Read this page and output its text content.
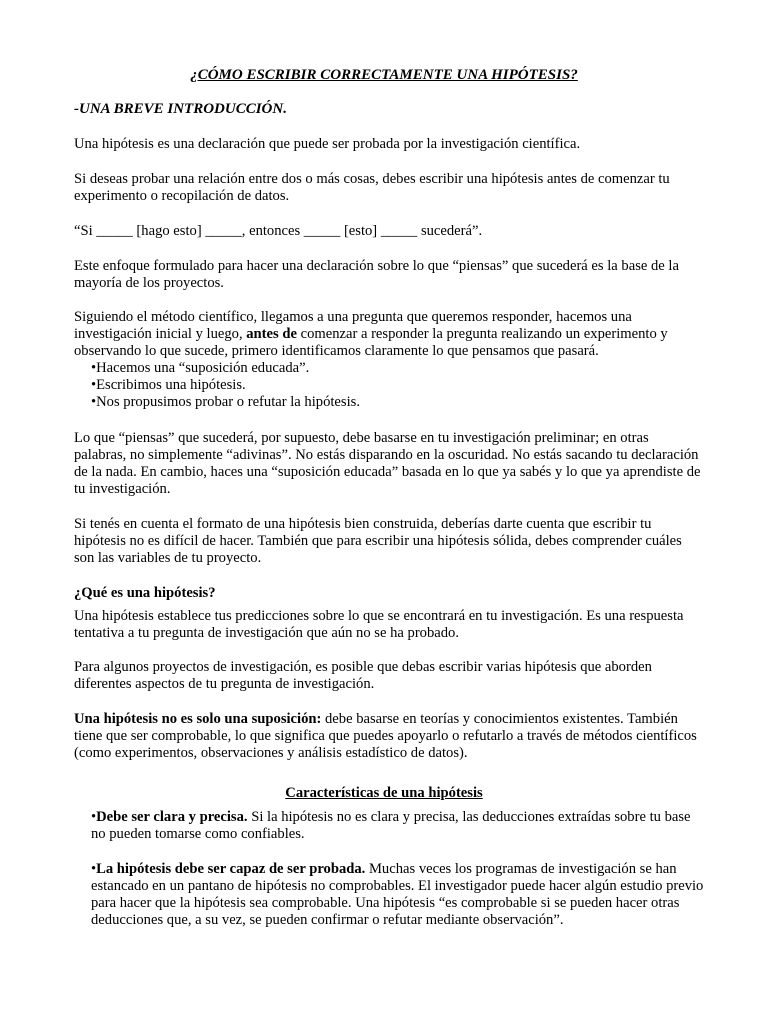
¿CÓMO ESCRIBIR CORRECTAMENTE UNA HIPÓTESIS?

-UNA BREVE INTRODUCCIÓN.

Una hipótesis es una declaración que puede ser probada por la investigación científica.

Si deseas probar una relación entre dos o más cosas, debes escribir una hipótesis antes de comenzar tu experimento o recopilación de datos.

“Si _____ [hago esto] _____, entonces _____ [esto] _____ sucederá”.

Este enfoque formulado para hacer una declaración sobre lo que “piensas” que sucederá es la base de la mayoría de los proyectos.

Siguiendo el método científico, llegamos a una pregunta que queremos responder, hacemos una investigación inicial y luego, antes de comenzar a responder la pregunta realizando un experimento y observando lo que sucede, primero identificamos claramente lo que pensamos que pasará.

•Hacemos una “suposición educada”.
•Escribimos una hipótesis.
•Nos propusimos probar o refutar la hipótesis.

Lo que “piensas” que sucederá, por supuesto, debe basarse en tu investigación preliminar; en otras palabras, no simplemente “adivinas”. No estás disparando en la oscuridad. No estás sacando tu declaración de la nada. En cambio, haces una “suposición educada” basada en lo que ya sabés y lo que ya aprendiste de tu investigación.

Si tenés en cuenta el formato de una hipótesis bien construida, deberías darte cuenta que escribir tu hipótesis no es difícil de hacer. También que para escribir una hipótesis sólida, debes comprender cuáles son las variables de tu proyecto.

¿Qué es una hipótesis?

Una hipótesis establece tus predicciones sobre lo que se encontrará en tu investigación. Es una respuesta tentativa a tu pregunta de investigación que aún no se ha probado.

Para algunos proyectos de investigación, es posible que debas escribir varias hipótesis que aborden diferentes aspectos de tu pregunta de investigación.

Una hipótesis no es solo una suposición: debe basarse en teorías y conocimientos existentes. También tiene que ser comprobable, lo que significa que puedes apoyarlo o refutarlo a través de métodos científicos (como experimentos, observaciones y análisis estadístico de datos).

Características de una hipótesis

•Debe ser clara y precisa. Si la hipótesis no es clara y precisa, las deducciones extraídas sobre tu base no pueden tomarse como confiables.

•La hipótesis debe ser capaz de ser probada. Muchas veces los programas de investigación se han estancado en un pantano de hipótesis no comprobables. El investigador puede hacer algún estudio previo para hacer que la hipótesis sea comprobable. Una hipótesis “es comprobable si se pueden hacer otras deducciones que, a su vez, se pueden confirmar o refutar mediante observación”.
